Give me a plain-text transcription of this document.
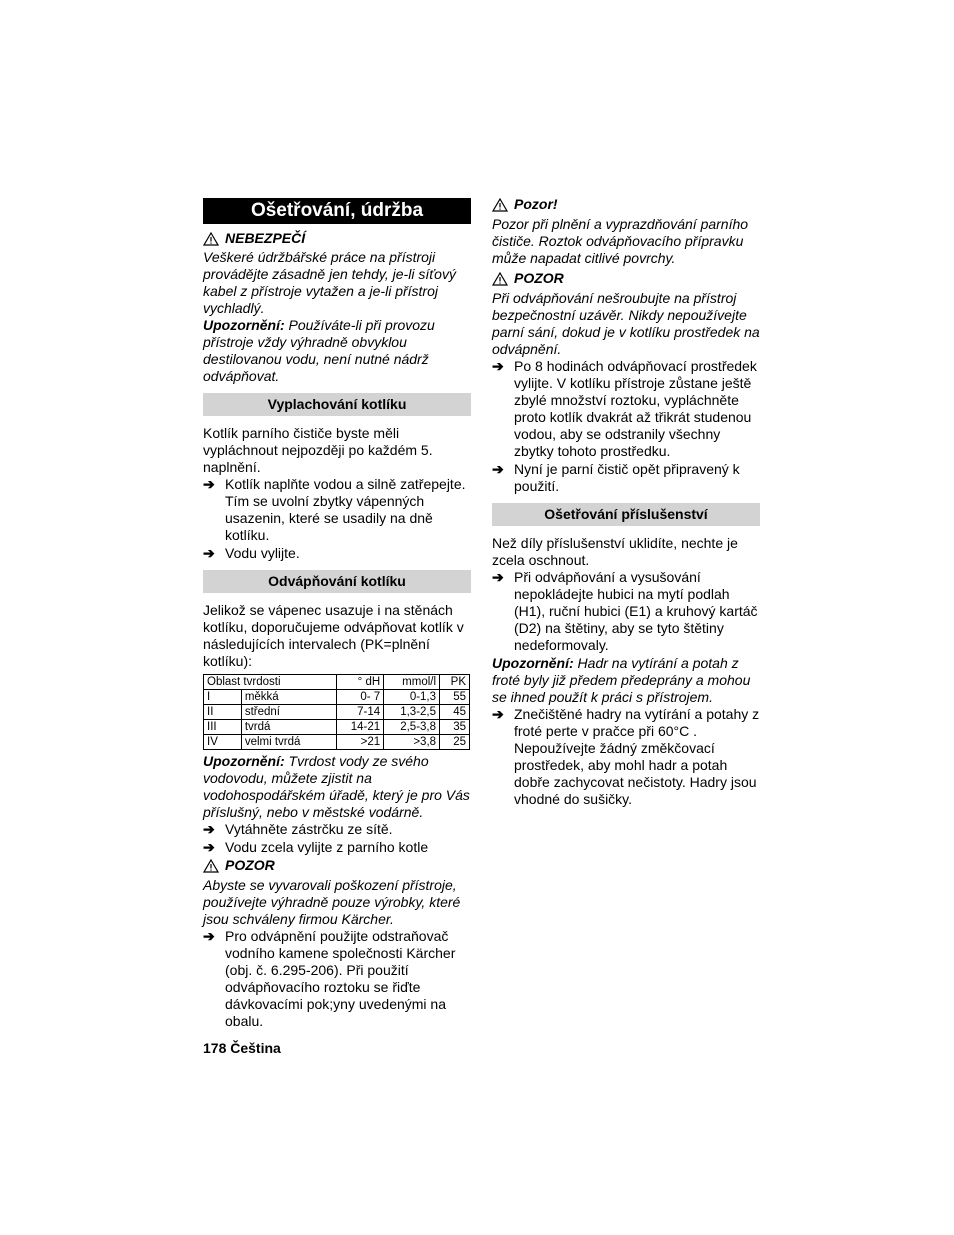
Ošetřování, údržba
NEBEZPEČÍ

Veškeré údržbářské práce na přístroji provádějte zásadně jen tehdy, je-li síťový kabel z přístroje vytažen a je-li přístroj vychladlý.

Upozornění: Používáte-li při provozu přístroje vždy výhradně obvyklou destilovanou vodu, není nutné nádrž odvápňovat.

Vyplachování kotlíku

Kotlík parního čističe byste měli vypláchnout nejpozději po každém 5. naplnění.

➔ Kotlík naplňte vodou a silně zatřepejte. Tím se uvolní zbytky vápenných usazenin, které se usadily na dně kotlíku.
➔ Vodu vylijte.
Odvápňování kotlíku

Jelikož se vápenec usazuje i na stěnách kotlíku, doporučujeme odvápňovat kotlík v následujících intervalech (PK=plnění kotlíku):

Oblast tvrdosti		° dH	mmol/l	PK
I	měkká	0- 7	0-1,3	55
II	střední	7-14	1,3-2,5	45
III	tvrdá	14-21	2,5-3,8	35
IV	velmi tvrdá	>21	>3,8	25

Upozornění: Tvrdost vody ze svého vodovodu, můžete zjistit na vodohospodářském úřadě, který je pro Vás příslušný, nebo v městské vodárně.

➔ Vytáhněte zástrčku ze sítě.
➔ Vodu zcela vylijte z parního kotle
POZOR

Abyste se vyvarovali poškození přístroje, používejte výhradně pouze výrobky, které jsou schváleny firmou Kärcher.

➔ Pro odvápnění použijte odstraňovač vodního kamene společnosti Kärcher (obj. č. 6.295-206). Při použití odvápňovacího roztoku se řiďte dávkovacími pok;yny uvedenými na obalu.
Pozor!

Pozor při plnění a vyprazdňování parního čističe. Roztok odvápňovacího přípravku může napadat citlivé povrchy.

POZOR

Při odvápňování nešroubujte na přístroj bezpečnostní uzávěr. Nikdy nepoužívejte parní sání, dokud je v kotlíku prostředek na odvápnění.

➔ Po 8 hodinách odvápňovací prostředek vylijte. V kotlíku přístroje zůstane ještě zbylé množství roztoku, vypláchněte proto kotlík dvakrát až třikrát studenou vodou, aby se odstranily všechny zbytky tohoto prostředku.
➔ Nyní je parní čistič opět připravený k použití.
Ošetřování příslušenství

Než díly příslušenství uklidíte, nechte je zcela oschnout.

➔ Při odvápňování a vysušování nepokládejte hubici na mytí podlah (H1), ruční hubici (E1) a kruhový kartáč (D2) na štětiny, aby se tyto štětiny nedeformovaly.

Upozornění: Hadr na vytírání a potah z froté byly již předem předeprány a mohou se ihned použít k práci s přístrojem.

➔ Znečištěné hadry na vytírání a potahy z froté perte v pračce při 60°C . Nepoužívejte žádný změkčovací prostředek, aby mohl hadr a potah dobře zachycovat nečistoty. Hadry jsou vhodné do sušičky.
178 Čeština
